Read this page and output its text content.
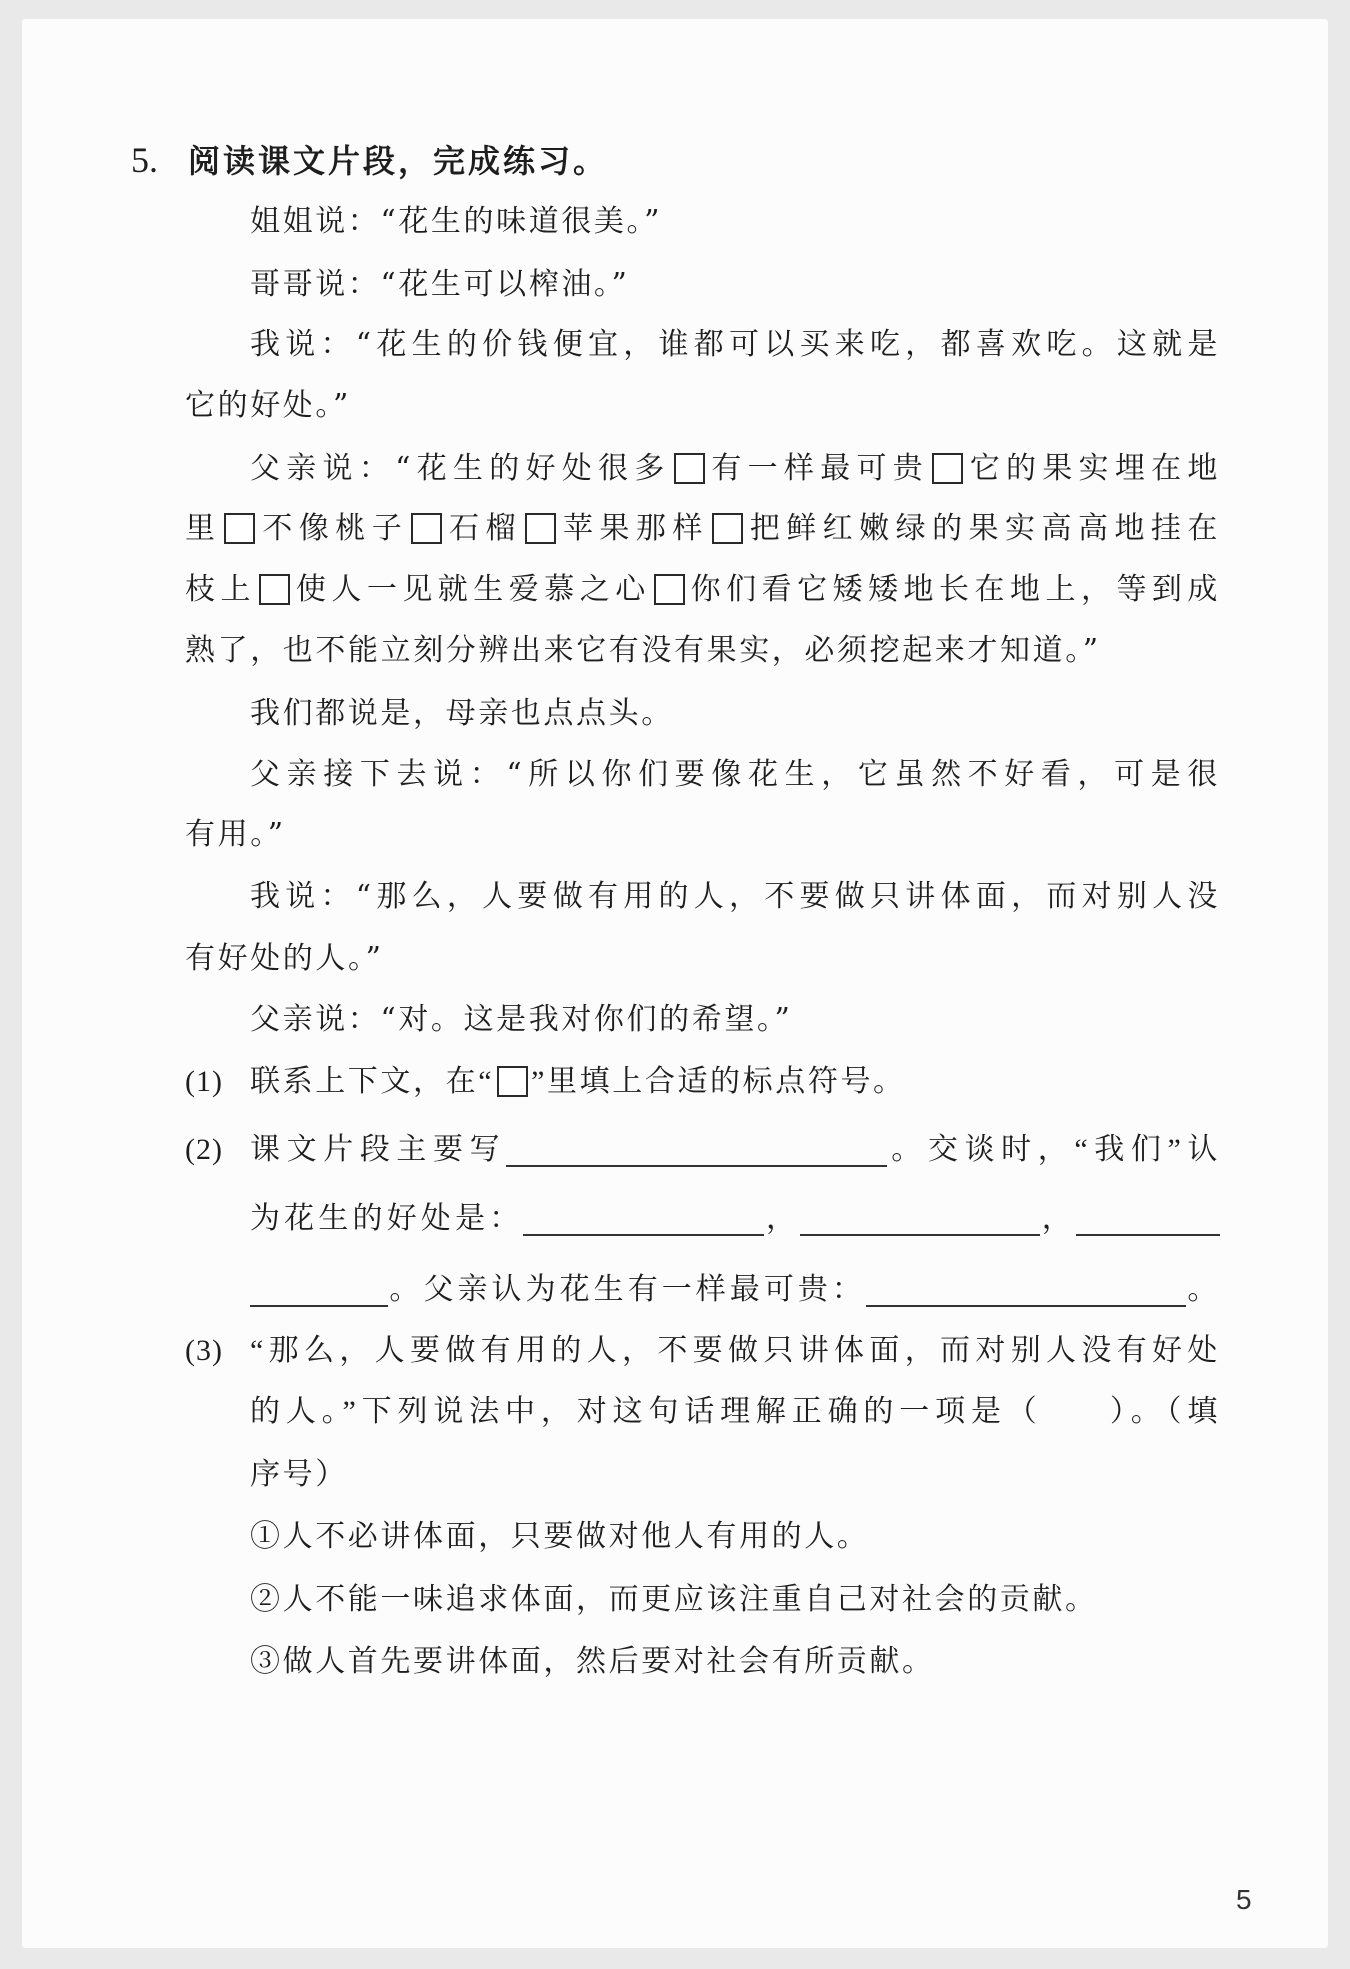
5. 阅读课文片段，完成练习。
姐姐说：“花生的味道很美。”
哥哥说：“花生可以榨油。”
我说：“花生的价钱便宜，谁都可以买来吃，都喜欢吃。这就是
它的好处。”
父亲说：“花生的好处很多 有一样最可贵 它的果实埋在地
里 不像桃子 石榴 苹果那样 把鲜红嫩绿的果实高高地挂在
枝上 使人一见就生爱慕之心 你们看它矮矮地长在地上，等到成
熟了，也不能立刻分辨出来它有没有果实，必须挖起来才知道。”
我们都说是，母亲也点点头。
父亲接下去说：“所以你们要像花生，它虽然不好看，可是很
有用。”
我说：“那么，人要做有用的人，不要做只讲体面，而对别人没
有好处的人。”
父亲说：“对。这是我对你们的希望。”
(1) 联系上下文，在“ ”里填上合适的标点符号。
(2) 课文片段主要写	。交谈时，“我们”认
为花生的好处是：	，	，
。父亲认为花生有一样最可贵：	。
(3) “那么，人要做有用的人，不要做只讲体面，而对别人没有好处
的人。”下列说法中，对这句话理解正确的一项是（ ）。（填
序号）
①人不必讲体面，只要做对他人有用的人。
②人不能一味追求体面，而更应该注重自己对社会的贡献。
③做人首先要讲体面，然后要对社会有所贡献。
5
